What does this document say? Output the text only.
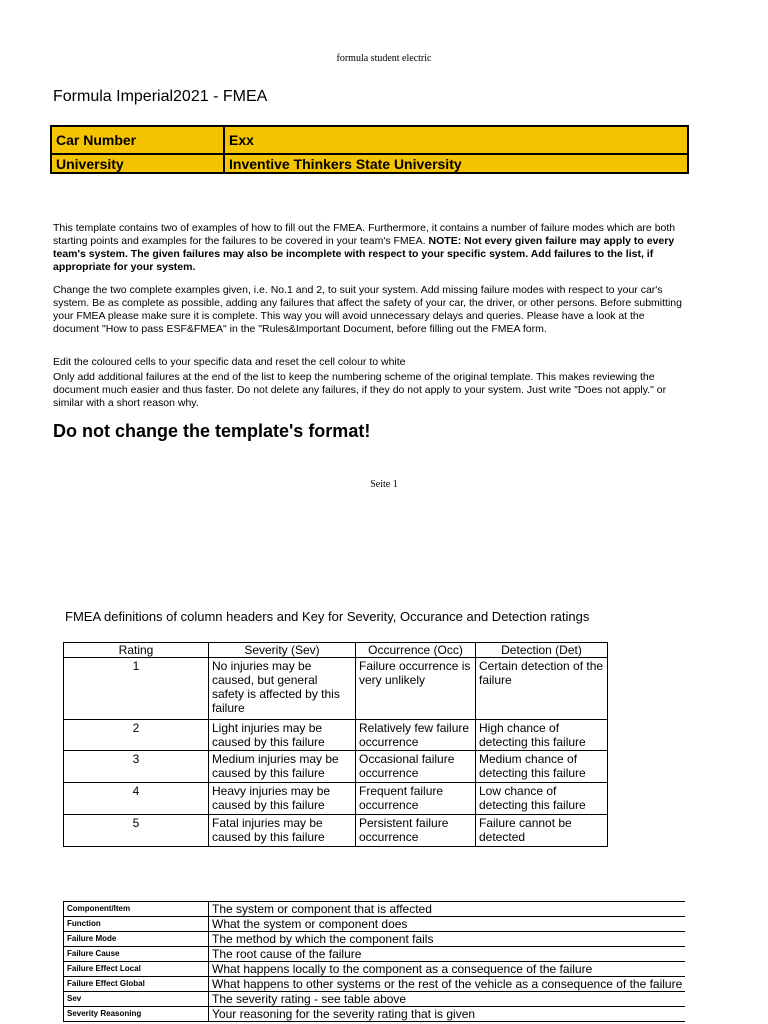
formula student electric
Formula Imperial2021 - FMEA
Car Number	Exx
University	Inventive Thinkers State University
This template contains two of examples of how to fill out the FMEA. Furthermore, it contains a number of failure modes which are both starting points and examples for the failures to be covered in your team's FMEA. NOTE: Not every given failure may apply to every team's system. The given failures may also be incomplete with respect to your specific system. Add failures to the list, if appropriate for your system.
Change the two complete examples given, i.e. No.1 and 2, to suit your system. Add missing failure modes with respect to your car's system. Be as complete as possible, adding any failures that affect the safety of your car, the driver, or other persons. Before submitting your FMEA please make sure it is complete. This way you will avoid unnecessary delays and queries. Please have a look at the document "How to pass ESF&FMEA" in the "Rules&Important Document, before filling out the FMEA form.
Edit the coloured cells to your specific data and reset the cell colour to white
Only add additional failures at the end of the list to keep the numbering scheme of the original template. This makes reviewing the document much easier and thus faster. Do not delete any failures, if they do not apply to your system. Just write "Does not apply." or similar with a short reason why.
Do not change the template's format!
Seite 1
FMEA definitions of column headers and Key for Severity, Occurance and Detection ratings
Rating	Severity (Sev)	Occurrence (Occ)	Detection (Det)
1	No injuries may be caused, but general safety is affected by this failure	Failure occurrence is very unlikely	Certain detection of the failure
2	Light injuries may be caused by this failure	Relatively few failure occurrence	High chance of detecting this failure
3	Medium injuries may be caused by this failure	Occasional failure occurrence	Medium chance of detecting this failure
4	Heavy injuries may be caused by this failure	Frequent failure occurrence	Low chance of detecting this failure
5	Fatal injuries may be caused by this failure	Persistent failure occurrence	Failure cannot be detected
Component/Item	The system or component that is affected
Function	What the system or component does
Failure Mode	The method by which the component fails
Failure Cause	The root cause of the failure
Failure Effect Local	What happens locally to the component as a consequence of the failure
Failure Effect Global	What happens to other systems or the rest of the vehicle as a consequence of the failure
Sev	The severity rating - see table above
Severity Reasoning	Your reasoning for the severity rating that is given
